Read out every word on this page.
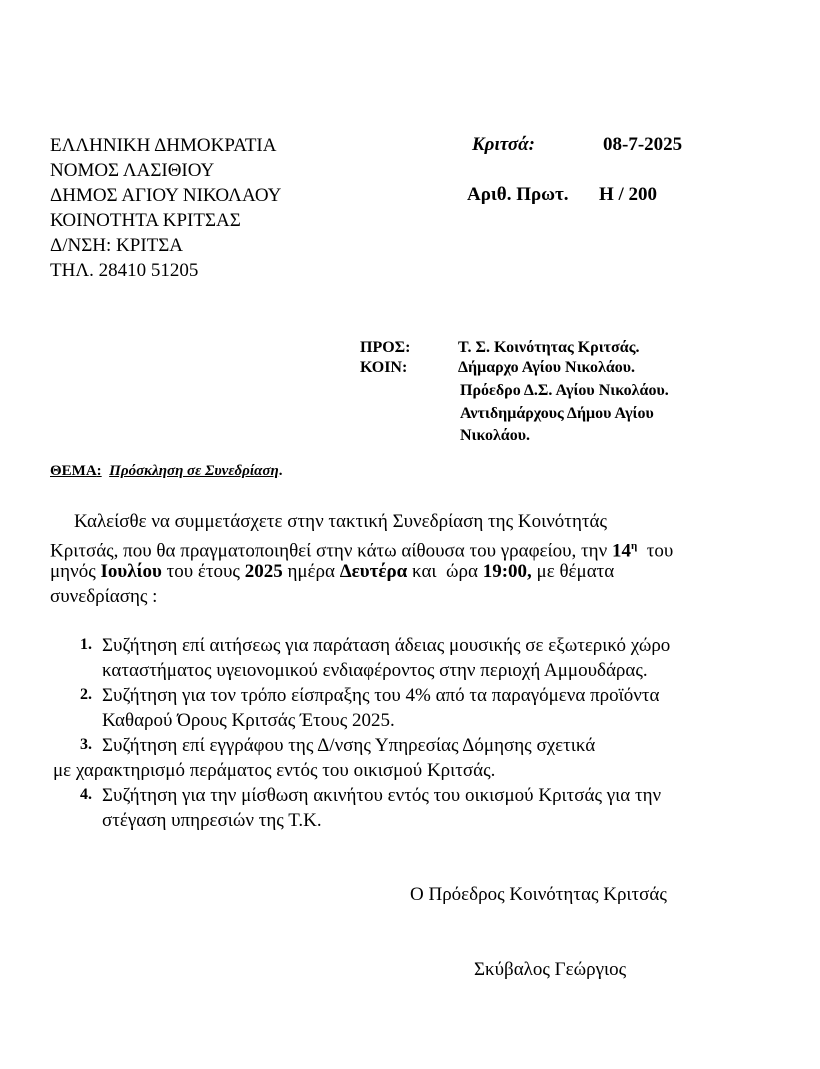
ΕΛΛΗΝΙΚΗ ΔΗΜΟΚΡΑΤΙΑ
ΝΟΜΟΣ ΛΑΣΙΘΙΟΥ
ΔΗΜΟΣ ΑΓΙΟΥ ΝΙΚΟΛΑΟΥ
ΚΟΙΝΟΤΗΤΑ ΚΡΙΤΣΑΣ
Δ/ΝΣΗ: ΚΡΙΤΣΑ
ΤΗΛ. 28410 51205
Κριτσά:	08-7-2025
Αριθ. Πρωτ. Η / 200
ΠΡΟΣ:	Τ. Σ. Κοινότητας Κριτσάς.
ΚΟΙΝ:	Δήμαρχο Αγίου Νικολάου.
Πρόεδρο Δ.Σ. Αγίου Νικολάου.
Αντιδημάρχους Δήμου Αγίου
Νικολάου.
ΘΕΜΑ: Πρόσκληση σε Συνεδρίαση.
Καλείσθε να συμμετάσχετε στην τακτική Συνεδρίαση της Κοινότητάς
Κριτσάς, που θα πραγματοποιηθεί στην κάτω αίθουσα του γραφείου, την $14^\eta$ του
μηνός Ιουλίου του έτους 2025 ημέρα Δευτέρα και  ώρα 19:00, με θέματα
συνεδρίασης :
1. Συζήτηση επί αιτήσεως για παράταση άδειας μουσικής σε εξωτερικό χώρο
καταστήματος υγειονομικού ενδιαφέροντος στην περιοχή Αμμουδάρας.
2. Συζήτηση για τον τρόπο είσπραξης του 4% από τα παραγόμενα προϊόντα
Καθαρού Όρους Κριτσάς Έτους 2025.
3. Συζήτηση επί εγγράφου της Δ/νσης Υπηρεσίας Δόμησης σχετικά
με χαρακτηρισμό περάματος εντός του οικισμού Κριτσάς.
4. Συζήτηση για την μίσθωση ακινήτου εντός του οικισμού Κριτσάς για την
στέγαση υπηρεσιών της Τ.Κ.
Ο Πρόεδρος Κοινότητας Κριτσάς
Σκύβαλος Γεώργιος
